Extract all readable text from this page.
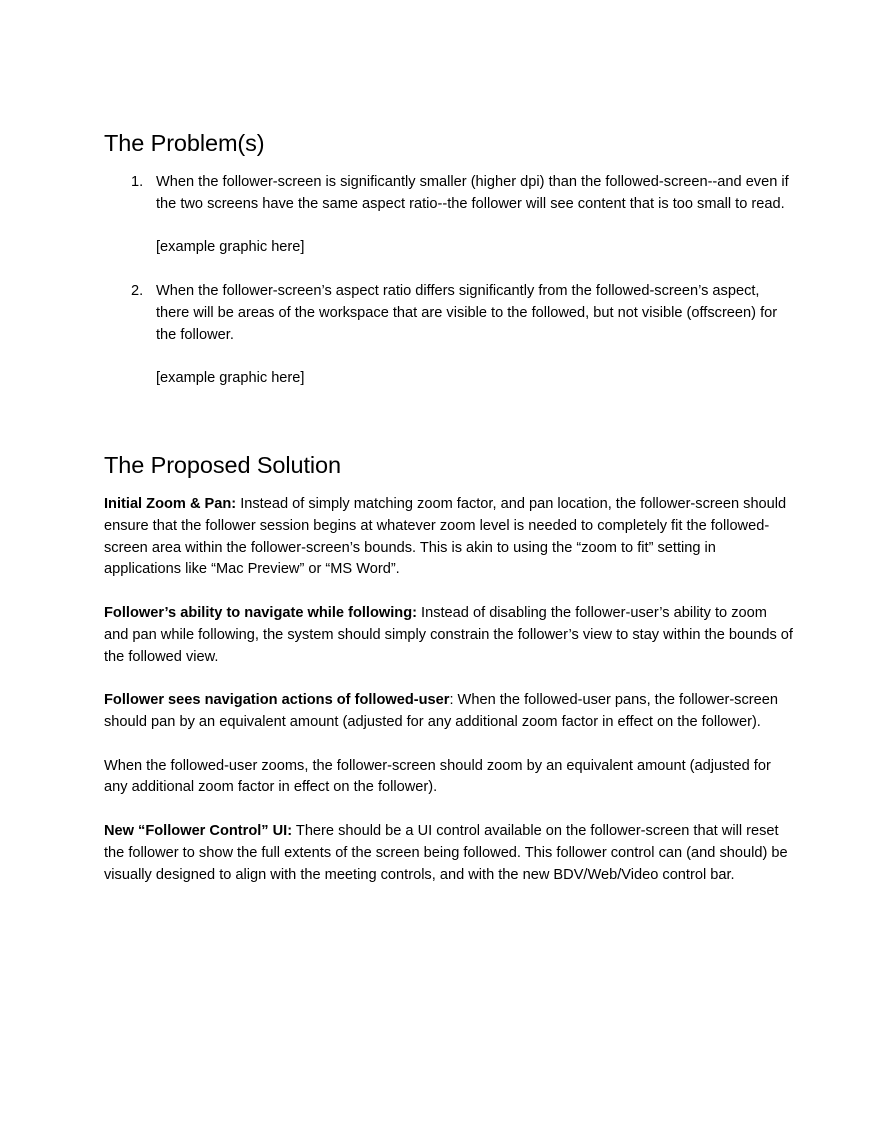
The Problem(s)
1. When the follower-screen is significantly smaller (higher dpi) than the followed-screen--and even if the two screens have the same aspect ratio--the follower will see content that is too small to read.
[example graphic here]
2. When the follower-screen’s aspect ratio differs significantly from the followed-screen’s aspect, there will be areas of the workspace that are visible to the followed, but not visible (offscreen) for the follower.
[example graphic here]
The Proposed Solution

Initial Zoom & Pan: Instead of simply matching zoom factor, and pan location, the follower-screen should ensure that the follower session begins at whatever zoom level is needed to completely fit the followed-screen area within the follower-screen’s bounds. This is akin to using the “zoom to fit” setting in applications like “Mac Preview” or “MS Word”.

Follower’s ability to navigate while following: Instead of disabling the follower-user’s ability to zoom and pan while following, the system should simply constrain the follower’s view to stay within the bounds of the followed view.

Follower sees navigation actions of followed-user: When the followed-user pans, the follower-screen should pan by an equivalent amount (adjusted for any additional zoom factor in effect on the follower).

When the followed-user zooms, the follower-screen should zoom by an equivalent amount (adjusted for any additional zoom factor in effect on the follower).

New “Follower Control” UI: There should be a UI control available on the follower-screen that will reset the follower to show the full extents of the screen being followed. This follower control can (and should) be visually designed to align with the meeting controls, and with the new BDV/Web/Video control bar.
